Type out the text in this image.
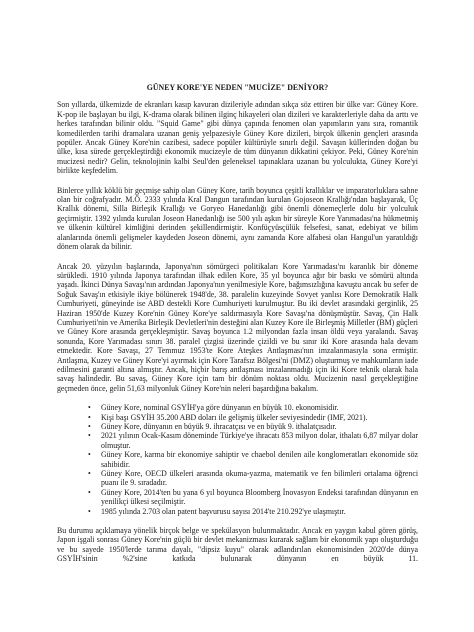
GÜNEY KORE'YE NEDEN "MUCİZE" DENİYOR?

Son yıllarda, ülkemizde de ekranları kasıp kavuran dizileriyle adından sıkça söz ettiren bir ülke var: Güney Kore. K-pop ile başlayan bu ilgi, K-drama olarak bilinen ilginç hikayeleri olan dizileri ve karakterleriyle daha da arttı ve herkes tarafından bilinir oldu. "Squid Game" gibi dünya çapında fenomen olan yapımların yanı sıra, romantik komedilerden tarihi dramalara uzanan geniş yelpazesiyle Güney Kore dizileri, birçok ülkenin gençleri arasında popüler. Ancak Güney Kore'nin cazibesi, sadece popüler kültürüyle sınırlı değil. Savaşın küllerinden doğan bu ülke, kısa sürede gerçekleştirdiği ekonomik mucizeyle de tüm dünyanın dikkatini çekiyor. Peki, Güney Kore'nin mucizesi nedir? Gelin, teknolojinin kalbi Seul'den geleneksel tapınaklara uzanan bu yolculukta, Güney Kore'yi birlikte keşfedelim.

Binlerce yıllık köklü bir geçmişe sahip olan Güney Kore, tarih boyunca çeşitli krallıklar ve imparatorluklara sahne olan bir coğrafyadır. M.Ö. 2333 yılında Kral Dangun tarafından kurulan Gojoseon Krallığı'ndan başlayarak, Üç Krallık dönemi, Silla Birleşik Krallığı ve Goryeo Hanedanlığı gibi önemli dönemeçlerle dolu bir yolculuk geçirmiştir. 1392 yılında kurulan Joseon Hanedanlığı ise 500 yılı aşkın bir süreyle Kore Yarımadası'na hükmetmiş ve ülkenin kültürel kimliğini derinden şekillendirmiştir. Konfüçyüsçülük felsefesi, sanat, edebiyat ve bilim alanlarında önemli gelişmeler kaydeden Joseon dönemi, aynı zamanda Kore alfabesi olan Hangul'un yaratıldığı dönem olarak da bilinir.

Ancak 20. yüzyılın başlarında, Japonya'nın sömürgeci politikaları Kore Yarımadası'nı karanlık bir döneme sürükledi. 1910 yılında Japonya tarafından ilhak edilen Kore, 35 yıl boyunca ağır bir baskı ve sömürü altında yaşadı. İkinci Dünya Savaşı'nın ardından Japonya'nın yenilmesiyle Kore, bağımsızlığına kavuştu ancak bu sefer de Soğuk Savaş'ın etkisiyle ikiye bölünerek 1948'de, 38. paralelin kuzeyinde Sovyet yanlısı Kore Demokratik Halk Cumhuriyeti, güneyinde ise ABD destekli Kore Cumhuriyeti kurulmuştur. Bu iki devlet arasındaki gerginlik, 25 Haziran 1950'de Kuzey Kore'nin Güney Kore'ye saldırmasıyla Kore Savaşı'na dönüşmüştür. Savaş, Çin Halk Cumhuriyeti'nin ve Amerika Birleşik Devletleri'nin desteğini alan Kuzey Kore ile Birleşmiş Milletler (BM) güçleri ve Güney Kore arasında gerçekleşmiştir. Savaş boyunca 1.2 milyondan fazla insan öldü veya yaralandı. Savaş sonunda, Kore Yarımadası sınırı 38. paralel çizgisi üzerinde çizildi ve bu sınır iki Kore arasında hala devam etmektedir. Kore Savaşı, 27 Temmuz 1953'te Kore Ateşkes Antlaşması'nın imzalanmasıyla sona ermiştir. Antlaşma, Kuzey ve Güney Kore'yi ayırmak için Kore Tarafsız Bölgesi'ni (DMZ) oluşturmuş ve mahkumların iade edilmesini garanti altına almıştır. Ancak, hiçbir barış antlaşması imzalanmadığı için iki Kore teknik olarak hala savaş halindedir. Bu savaş, Güney Kore için tam bir dönüm noktası oldu. Mucizenin nasıl gerçekleştiğine geçmeden önce, gelin 51,63 milyonluk Güney Kore'nin neleri başardığına bakalım.

•
Güney Kore, nominal GSYİH'ya göre dünyanın en büyük 10. ekonomisidir.
•
Kişi başı GSYİH 35.200 ABD doları ile gelişmiş ülkeler seviyesindedir (IMF, 2021).
•
Güney Kore, dünyanın en büyük 9. ihracatçısı ve en büyük 9. ithalatçısıdır.
•
2021 yılının Ocak-Kasım döneminde Türkiye'ye ihracatı 853 milyon dolar, ithalatı 6,87 milyar dolar olmuştur.
•
Güney Kore, karma bir ekonomiye sahiptir ve chaebol denilen aile konglomeratları ekonomide söz sahibidir.
•
Güney Kore, OECD ülkeleri arasında okuma-yazma, matematik ve fen bilimleri ortalama öğrenci puanı ile 9. sıradadır.
•
Güney Kore, 2014'ten bu yana 6 yıl boyunca Bloomberg İnovasyon Endeksi tarafından dünyanın en yenilikçi ülkesi seçilmiştir.
•
1985 yılında 2.703 olan patent başvurusu sayısı 2014'te 210.292'ye ulaşmıştır.

Bu durumu açıklamaya yönelik birçok belge ve spekülasyon bulunmaktadır. Ancak en yaygın kabul gören görüş, Japon işgali sonrası Güney Kore'nin güçlü bir devlet mekanizması kurarak sağlam bir ekonomik yapı oluşturduğu ve bu sayede 1950'lerde tarıma dayalı, "dipsiz kuyu" olarak adlandırılan ekonomisinden 2020'de dünya GSYİH'sinin %2'sine katkıda bulunarak dünyanın en büyük 11.
